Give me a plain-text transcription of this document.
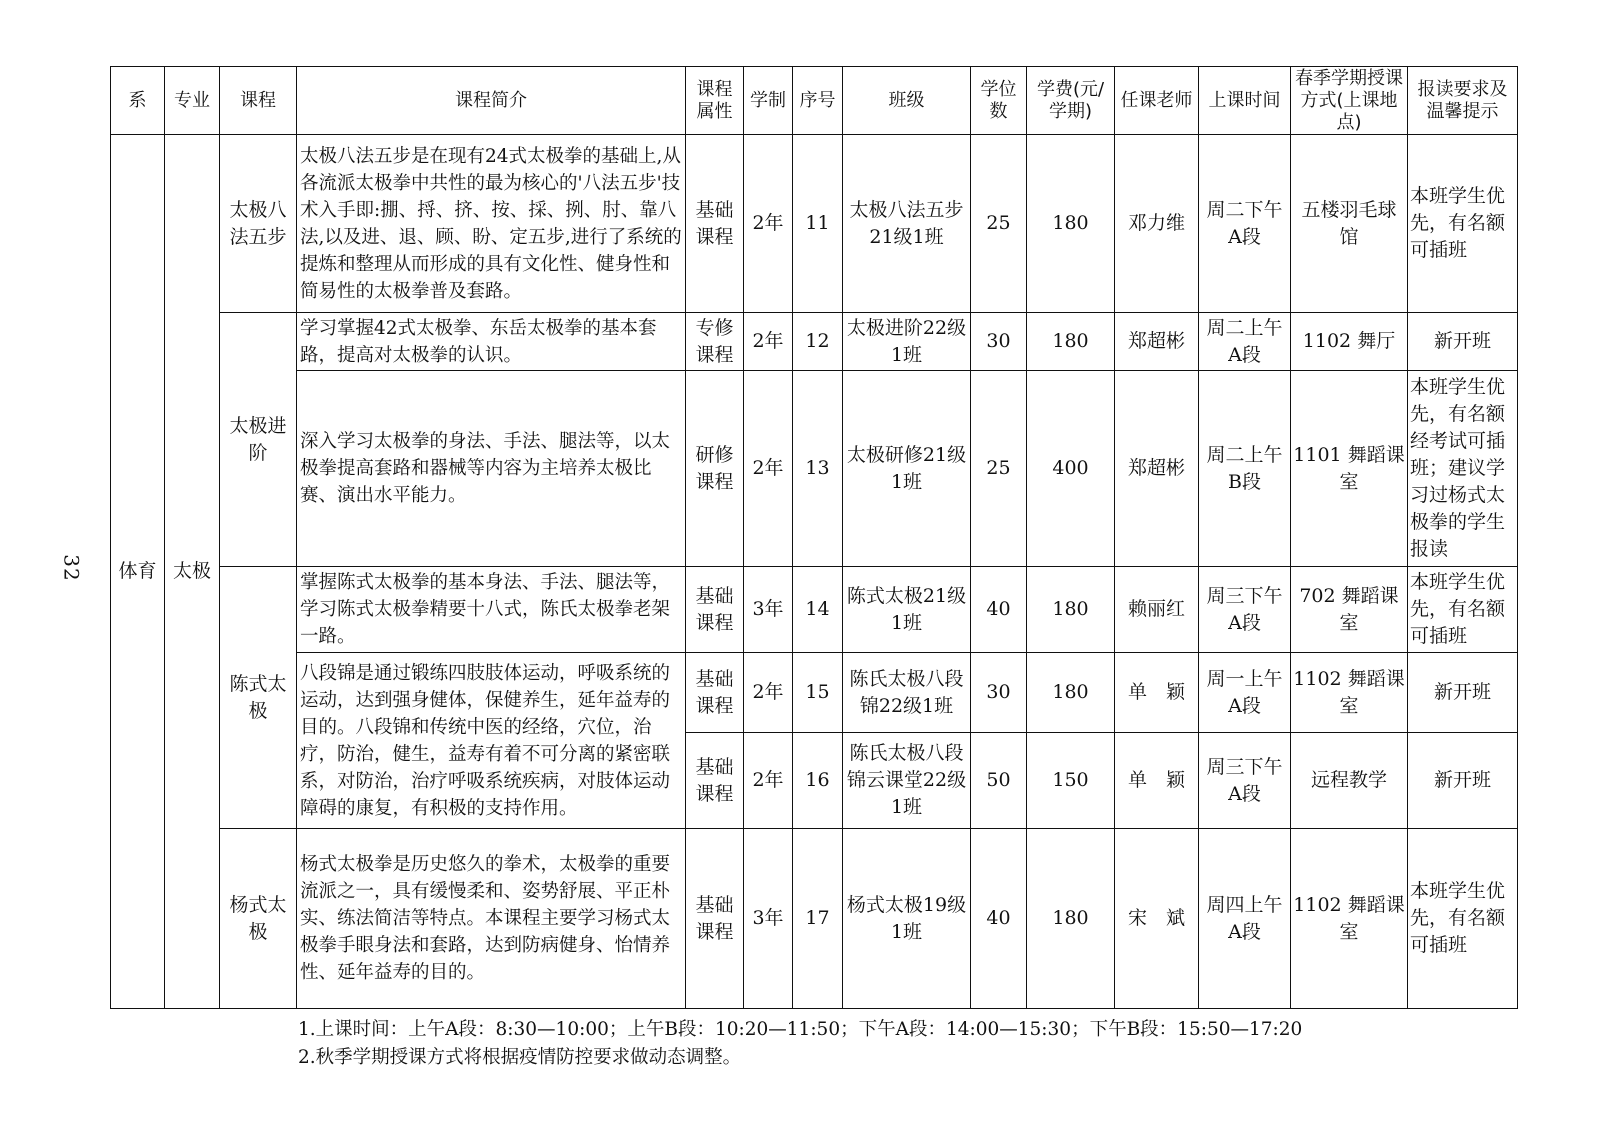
32
系	专业	课程	课程简介	课程属性	学制	序号	班级	学位数	学费(元/学期)	任课老师	上课时间	春季学期授课方式(上课地点)	报读要求及温馨提示
体育	太极	太极八法五步	太极八法五步是在现有24式太极拳的基础上,从各流派太极拳中共性的最为核心的'八法五步'技术入手即:掤、捋、挤、按、採、挒、肘、靠八法,以及进、退、顾、盼、定五步,进行了系统的提炼和整理从而形成的具有文化性、健身性和简易性的太极拳普及套路。	基础课程	2年	11	太极八法五步21级1班	25	180	邓力维	周二下午A段	五楼羽毛球馆	本班学生优先，有名额可插班
		太极进阶	学习掌握42式太极拳、东岳太极拳的基本套路，提高对太极拳的认识。	专修课程	2年	12	太极进阶22级1班	30	180	郑超彬	周二上午A段	1102 舞厅	新开班
			深入学习太极拳的身法、手法、腿法等，以太极拳提高套路和器械等内容为主培养太极比赛、演出水平能力。	研修课程	2年	13	太极研修21级1班	25	400	郑超彬	周二上午B段	1101 舞蹈课室	本班学生优先，有名额经考试可插班；建议学习过杨式太极拳的学生报读
		陈式太极	掌握陈式太极拳的基本身法、手法、腿法等，学习陈式太极拳精要十八式，陈氏太极拳老架一路。	基础课程	3年	14	陈式太极21级1班	40	180	赖丽红	周三下午A段	702 舞蹈课室	本班学生优先，有名额可插班
			八段锦是通过锻练四肢肢体运动，呼吸系统的运动，达到强身健体，保健养生，延年益寿的目的。八段锦和传统中医的经络，穴位，治疗，防治，健生，益寿有着不可分离的紧密联系，对防治，治疗呼吸系统疾病，对肢体运动障碍的康复，有积极的支持作用。	基础课程	2年	15	陈氏太极八段锦22级1班	30	180	单　颖	周一上午A段	1102 舞蹈课室	新开班
				基础课程	2年	16	陈氏太极八段锦云课堂22级1班	50	150	单　颖	周三下午A段	远程教学	新开班
		杨式太极	杨式太极拳是历史悠久的拳术，太极拳的重要流派之一，具有缓慢柔和、姿势舒展、平正朴实、练法简洁等特点。本课程主要学习杨式太极拳手眼身法和套路，达到防病健身、怡情养性、延年益寿的目的。	基础课程	3年	17	杨式太极19级1班	40	180	宋　斌	周四上午A段	1102 舞蹈课室	本班学生优先，有名额可插班
1.上课时间：上午A段：8:30—10:00；上午B段：10:20—11:50；下午A段：14:00—15:30；下午B段：15:50—17:20
2.秋季学期授课方式将根据疫情防控要求做动态调整。
